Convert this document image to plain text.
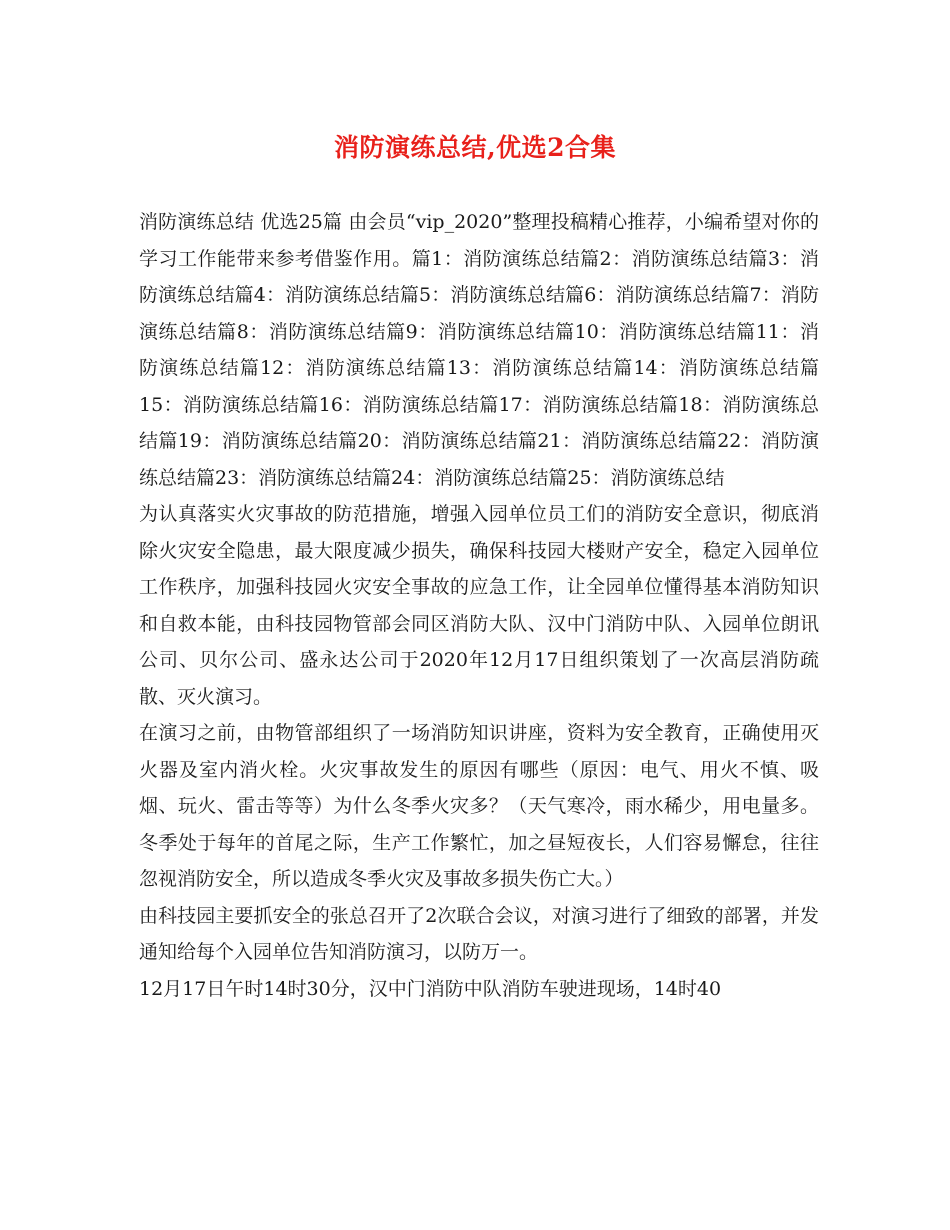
消防演练总结,优选2合集

消防演练总结 优选25篇 由会员“vip_2020”整理投稿精心推荐，小编希望对你的学习工作能带来参考借鉴作用。篇1：消防演练总结篇2：消防演练总结篇3：消防演练总结篇4：消防演练总结篇5：消防演练总结篇6：消防演练总结篇7：消防演练总结篇8：消防演练总结篇9：消防演练总结篇10：消防演练总结篇11：消防演练总结篇12：消防演练总结篇13：消防演练总结篇14：消防演练总结篇15：消防演练总结篇16：消防演练总结篇17：消防演练总结篇18：消防演练总结篇19：消防演练总结篇20：消防演练总结篇21：消防演练总结篇22：消防演练总结篇23：消防演练总结篇24：消防演练总结篇25：消防演练总结

为认真落实火灾事故的防范措施，增强入园单位员工们的消防安全意识，彻底消除火灾安全隐患，最大限度减少损失，确保科技园大楼财产安全，稳定入园单位工作秩序，加强科技园火灾安全事故的应急工作，让全园单位懂得基本消防知识和自救本能，由科技园物管部会同区消防大队、汉中门消防中队、入园单位朗讯公司、贝尔公司、盛永达公司于2020年12月17日组织策划了一次高层消防疏散、灭火演习。

在演习之前，由物管部组织了一场消防知识讲座，资料为安全教育，正确使用灭火器及室内消火栓。火灾事故发生的原因有哪些（原因：电气、用火不慎、吸烟、玩火、雷击等等）为什么冬季火灾多？（天气寒冷，雨水稀少，用电量多。冬季处于每年的首尾之际，生产工作繁忙，加之昼短夜长，人们容易懈怠，往往忽视消防安全，所以造成冬季火灾及事故多损失伤亡大。）

由科技园主要抓安全的张总召开了2次联合会议，对演习进行了细致的部署，并发通知给每个入园单位告知消防演习，以防万一。

12月17日午时14时30分，汉中门消防中队消防车驶进现场，14时40
